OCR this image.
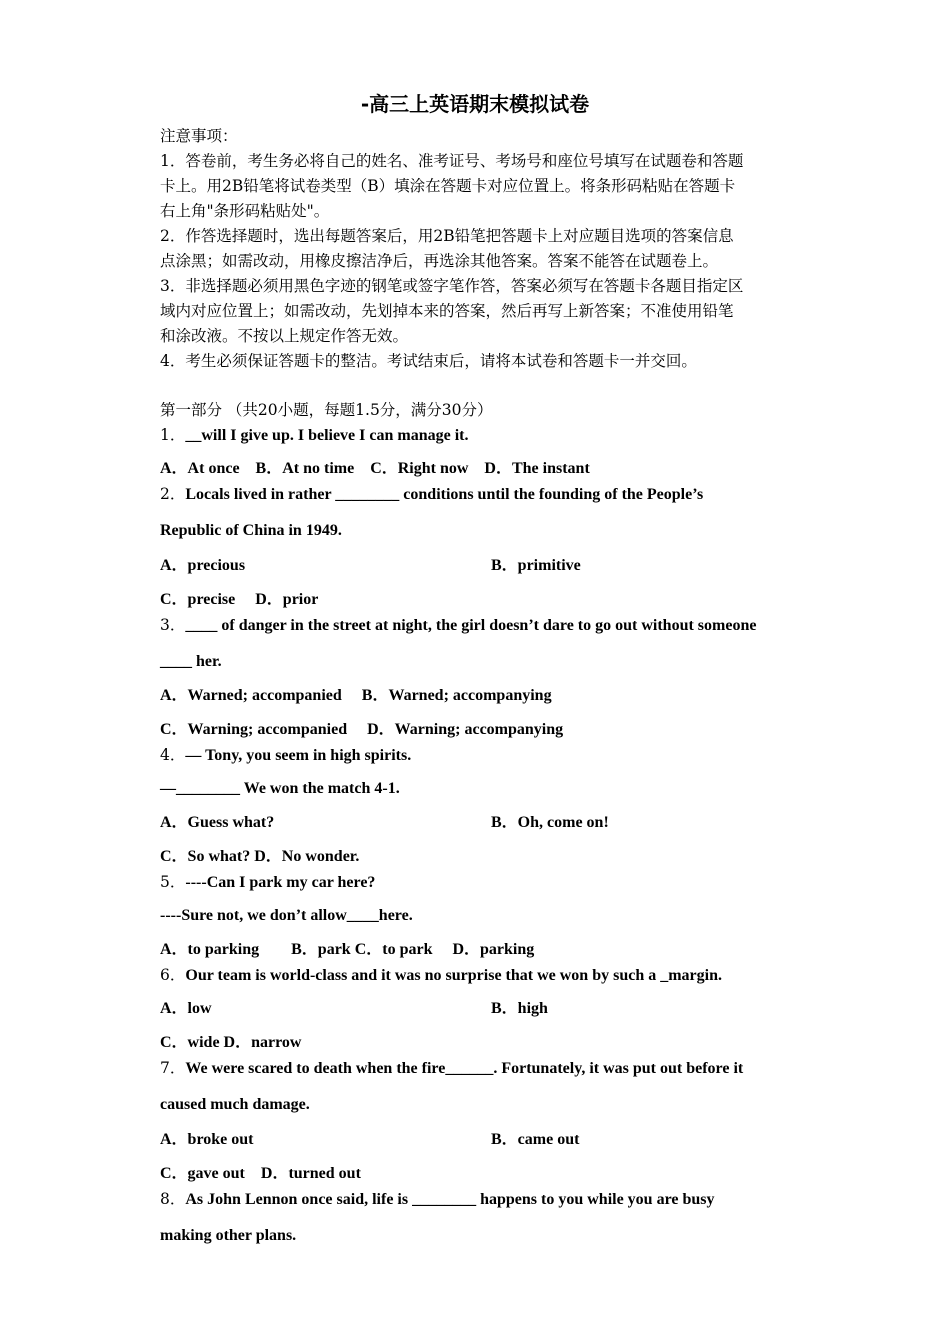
-高三上英语期末模拟试卷
注意事项：
1．答卷前，考生务必将自己的姓名、准考证号、考场号和座位号填写在试题卷和答题
卡上。用2B铅笔将试卷类型（B）填涂在答题卡对应位置上。将条形码粘贴在答题卡
右上角"条形码粘贴处"。
2．作答选择题时，选出每题答案后，用2B铅笔把答题卡上对应题目选项的答案信息
点涂黑；如需改动，用橡皮擦洁净后，再选涂其他答案。答案不能答在试题卷上。
3．非选择题必须用黑色字迹的钢笔或签字笔作答，答案必须写在答题卡各题目指定区
域内对应位置上；如需改动，先划掉本来的答案，然后再写上新答案；不准使用铅笔
和涂改液。不按以上规定作答无效。
4．考生必须保证答题卡的整洁。考试结束后，请将本试卷和答题卡一并交回。
第一部分 （共20小题，每题1.5分，满分30分）
1．__will I give up. I believe I can manage it.
A．At once　B．At no time　C．Right now　D．The instant
2．Locals lived in rather ________ conditions until the founding of the People’s
Republic of China in 1949.
A．precious	B．primitive
C．precise　 D．prior
3．____ of danger in the street at night, the girl doesn’t dare to go out without someone
____ her.
A．Warned; accompanied　 B．Warned; accompanying
C．Warning; accompanied　 D．Warning; accompanying
4．— Tony, you seem in high spirits.
—________ We won the match 4-1.
A．Guess what?	B．Oh, come on!
C．So what? D．No wonder.
5．----Can I park my car here?
----Sure not, we don’t allow____here.
A．to parking　　B．park C．to park　 D．parking
6．Our team is world-class and it was no surprise that we won by such a _margin.
A．low	B．high
C．wide D．narrow
7．We were scared to death when the fire______. Fortunately, it was put out before it
caused much damage.
A．broke out	B．came out
C．gave out　D．turned out
8．As John Lennon once said, life is ________ happens to you while you are busy
making other plans.
